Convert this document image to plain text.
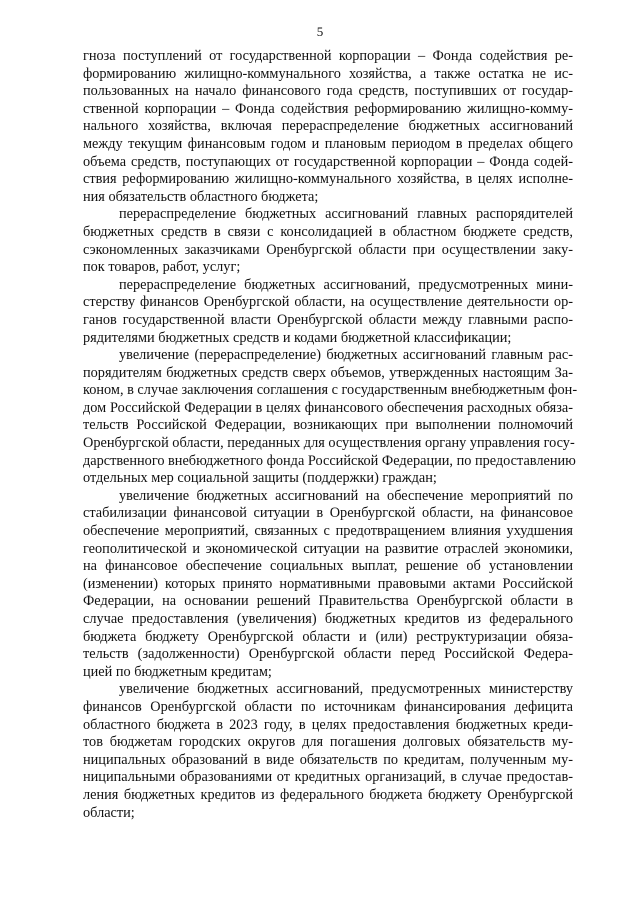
5
гноза поступлений от государственной корпорации – Фонда содействия ре-
формированию жилищно-коммунального хозяйства, а также остатка не ис-
пользованных на начало финансового года средств, поступивших от государ-
ственной корпорации – Фонда содействия реформированию жилищно-комму-
нального хозяйства, включая перераспределение бюджетных ассигнований
между текущим финансовым годом и плановым периодом в пределах общего
объема средств, поступающих от государственной корпорации – Фонда содей-
ствия реформированию жилищно-коммунального хозяйства, в целях исполне-
ния обязательств областного бюджета;
перераспределение бюджетных ассигнований главных распорядителей
бюджетных средств в связи с консолидацией в областном бюджете средств,
сэкономленных заказчиками Оренбургской области при осуществлении заку-
пок товаров, работ, услуг;
перераспределение бюджетных ассигнований, предусмотренных мини-
стерству финансов Оренбургской области, на осуществление деятельности ор-
ганов государственной власти Оренбургской области между главными распо-
рядителями бюджетных средств и кодами бюджетной классификации;
увеличение (перераспределение) бюджетных ассигнований главным рас-
порядителям бюджетных средств сверх объемов, утвержденных настоящим За-
коном, в случае заключения соглашения с государственным внебюджетным фон-
дом Российской Федерации в целях финансового обеспечения расходных обяза-
тельств Российской Федерации, возникающих при выполнении полномочий
Оренбургской области, переданных для осуществления органу управления госу-
дарственного внебюджетного фонда Российской Федерации, по предоставлению
отдельных мер социальной защиты (поддержки) граждан;
увеличение бюджетных ассигнований на обеспечение мероприятий по
стабилизации финансовой ситуации в Оренбургской области, на финансовое
обеспечение мероприятий, связанных с предотвращением влияния ухудшения
геополитической и экономической ситуации на развитие отраслей экономики,
на финансовое обеспечение социальных выплат, решение об установлении
(изменении) которых принято нормативными правовыми актами Российской
Федерации, на основании решений Правительства Оренбургской области в
случае предоставления (увеличения) бюджетных кредитов из федерального
бюджета бюджету Оренбургской области и (или) реструктуризации обяза-
тельств (задолженности) Оренбургской области перед Российской Федера-
цией по бюджетным кредитам;
увеличение бюджетных ассигнований, предусмотренных министерству
финансов Оренбургской области по источникам финансирования дефицита
областного бюджета в 2023 году, в целях предоставления бюджетных креди-
тов бюджетам городских округов для погашения долговых обязательств му-
ниципальных образований в виде обязательств по кредитам, полученным му-
ниципальными образованиями от кредитных организаций, в случае предостав-
ления бюджетных кредитов из федерального бюджета бюджету Оренбургской
области;
